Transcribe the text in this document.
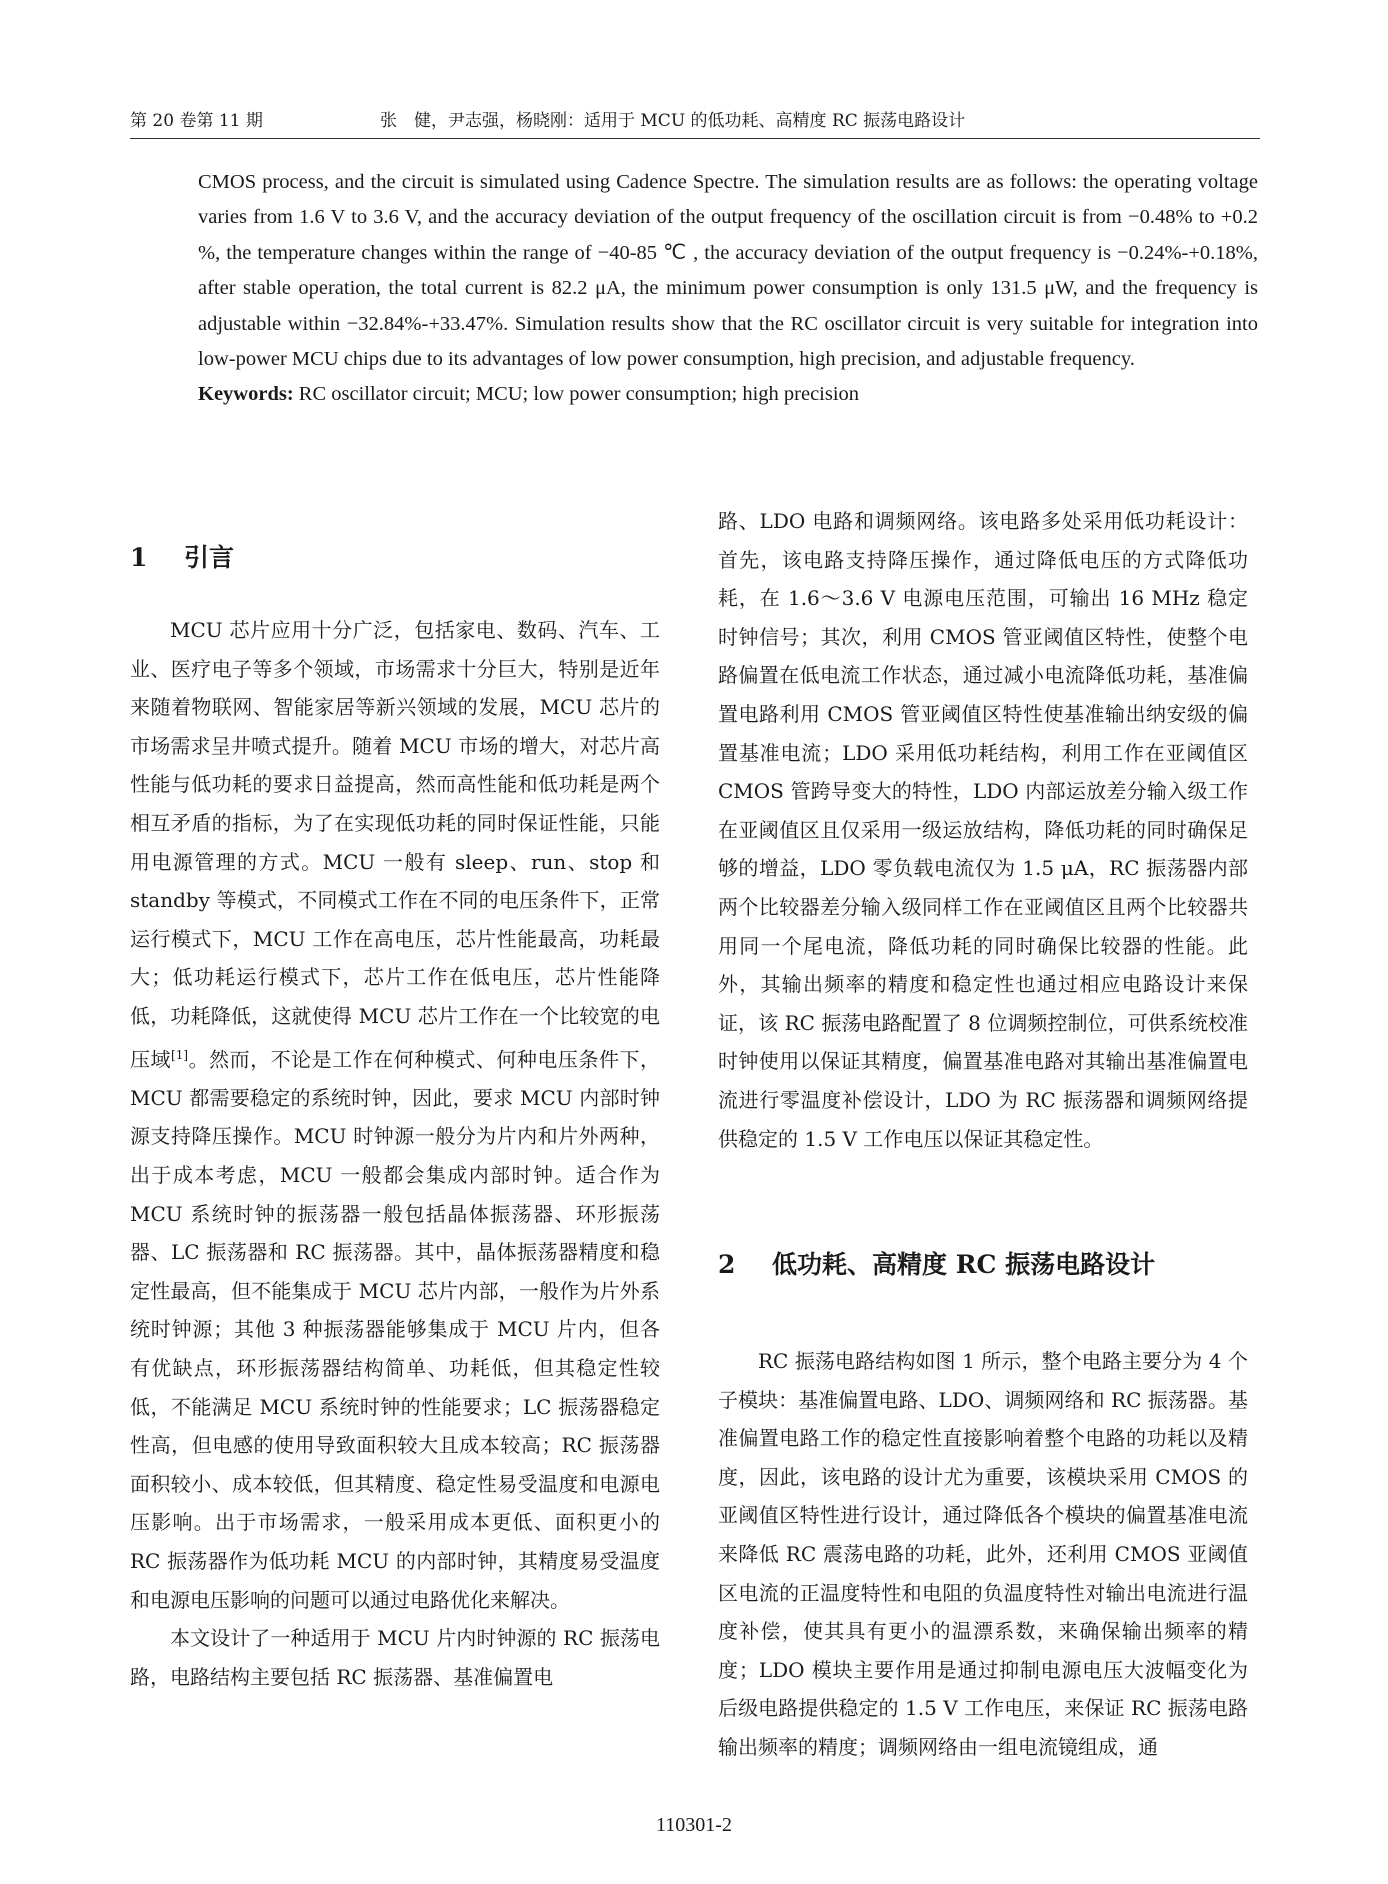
第 20 卷第 11 期	张　健，尹志强，杨晓刚：适用于 MCU 的低功耗、高精度 RC 振荡电路设计

CMOS process, and the circuit is simulated using Cadence Spectre. The simulation results are as follows: the operating voltage varies from 1.6 V to 3.6 V, and the accuracy deviation of the output frequency of the oscillation circuit is from −0.48% to +0.2 %, the temperature changes within the range of −40-85 ℃ , the accuracy deviation of the output frequency is −0.24%-+0.18%, after stable operation, the total current is 82.2 μA, the minimum power consumption is only 131.5 μW, and the frequency is adjustable within −32.84%-+33.47%. Simulation results show that the RC oscillator circuit is very suitable for integration into low-power MCU chips due to its advantages of low power consumption, high precision, and adjustable frequency.

Keywords: RC oscillator circuit; MCU; low power consumption; high precision

1 引言

MCU 芯片应用十分广泛，包括家电、数码、汽车、工业、医疗电子等多个领域，市场需求十分巨大，特别是近年来随着物联网、智能家居等新兴领域的发展，MCU 芯片的市场需求呈井喷式提升。随着 MCU 市场的增大，对芯片高性能与低功耗的要求日益提高，然而高性能和低功耗是两个相互矛盾的指标，为了在实现低功耗的同时保证性能，只能用电源管理的方式。MCU 一般有 sleep、run、stop 和 standby 等模式，不同模式工作在不同的电压条件下，正常运行模式下，MCU 工作在高电压，芯片性能最高，功耗最大；低功耗运行模式下，芯片工作在低电压，芯片性能降低，功耗降低，这就使得 MCU 芯片工作在一个比较宽的电压域[1]。然而，不论是工作在何种模式、何种电压条件下，MCU 都需要稳定的系统时钟，因此，要求 MCU 内部时钟源支持降压操作。MCU 时钟源一般分为片内和片外两种，出于成本考虑，MCU 一般都会集成内部时钟。适合作为 MCU 系统时钟的振荡器一般包括晶体振荡器、环形振荡器、LC 振荡器和 RC 振荡器。其中，晶体振荡器精度和稳定性最高，但不能集成于 MCU 芯片内部，一般作为片外系统时钟源；其他 3 种振荡器能够集成于 MCU 片内，但各有优缺点，环形振荡器结构简单、功耗低，但其稳定性较低，不能满足 MCU 系统时钟的性能要求；LC 振荡器稳定性高，但电感的使用导致面积较大且成本较高；RC 振荡器面积较小、成本较低，但其精度、稳定性易受温度和电源电压影响。出于市场需求，一般采用成本更低、面积更小的 RC 振荡器作为低功耗 MCU 的内部时钟，其精度易受温度和电源电压影响的问题可以通过电路优化来解决。

本文设计了一种适用于 MCU 片内时钟源的 RC 振荡电路，电路结构主要包括 RC 振荡器、基准偏置电

路、LDO 电路和调频网络。该电路多处采用低功耗设计：首先，该电路支持降压操作，通过降低电压的方式降低功耗，在 1.6～3.6 V 电源电压范围，可输出 16 MHz 稳定时钟信号；其次，利用 CMOS 管亚阈值区特性，使整个电路偏置在低电流工作状态，通过减小电流降低功耗，基准偏置电路利用 CMOS 管亚阈值区特性使基准输出纳安级的偏置基准电流；LDO 采用低功耗结构，利用工作在亚阈值区 CMOS 管跨导变大的特性，LDO 内部运放差分输入级工作在亚阈值区且仅采用一级运放结构，降低功耗的同时确保足够的增益，LDO 零负载电流仅为 1.5 μA，RC 振荡器内部两个比较器差分输入级同样工作在亚阈值区且两个比较器共用同一个尾电流，降低功耗的同时确保比较器的性能。此外，其输出频率的精度和稳定性也通过相应电路设计来保证，该 RC 振荡电路配置了 8 位调频控制位，可供系统校准时钟使用以保证其精度，偏置基准电路对其输出基准偏置电流进行零温度补偿设计，LDO 为 RC 振荡器和调频网络提供稳定的 1.5 V 工作电压以保证其稳定性。

2 低功耗、高精度 RC 振荡电路设计

RC 振荡电路结构如图 1 所示，整个电路主要分为 4 个子模块：基准偏置电路、LDO、调频网络和 RC 振荡器。基准偏置电路工作的稳定性直接影响着整个电路的功耗以及精度，因此，该电路的设计尤为重要，该模块采用 CMOS 的亚阈值区特性进行设计，通过降低各个模块的偏置基准电流来降低 RC 震荡电路的功耗，此外，还利用 CMOS 亚阈值区电流的正温度特性和电阻的负温度特性对输出电流进行温度补偿，使其具有更小的温漂系数，来确保输出频率的精度；LDO 模块主要作用是通过抑制电源电压大波幅变化为后级电路提供稳定的 1.5 V 工作电压，来保证 RC 振荡电路输出频率的精度；调频网络由一组电流镜组成，通

110301-2
